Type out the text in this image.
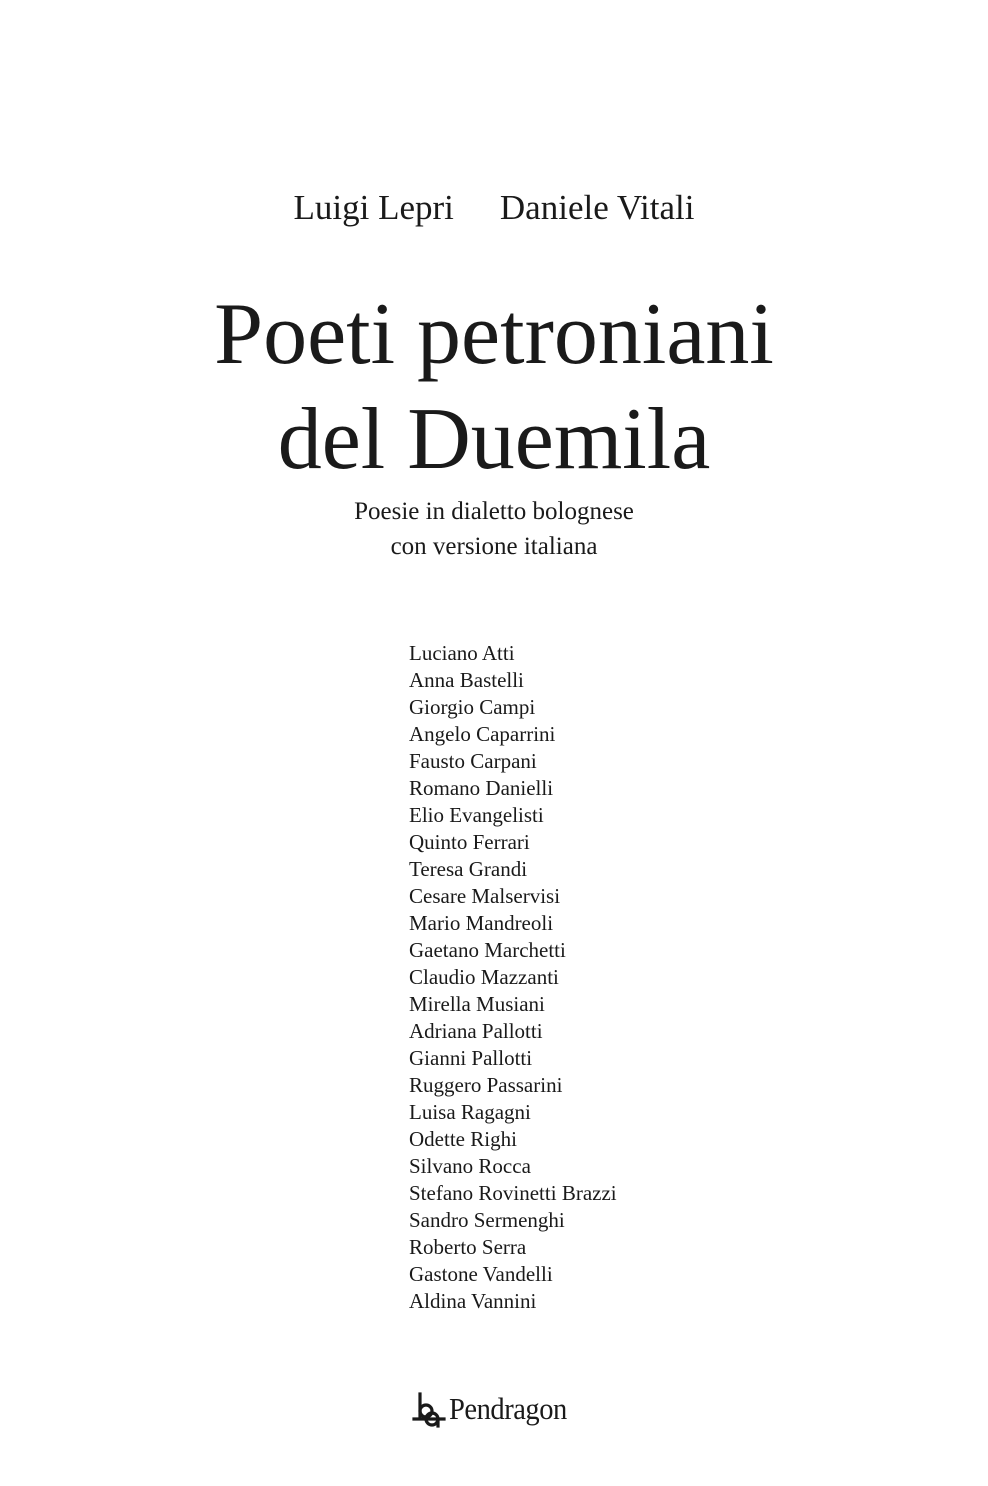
Luigi Lepri Daniele Vitali
Poeti petroniani
del Duemila
Poesie in dialetto bolognese
con versione italiana
Luciano Atti
Anna Bastelli
Giorgio Campi
Angelo Caparrini
Fausto Carpani
Romano Danielli
Elio Evangelisti
Quinto Ferrari
Teresa Grandi
Cesare Malservisi
Mario Mandreoli
Gaetano Marchetti
Claudio Mazzanti
Mirella Musiani
Adriana Pallotti
Gianni Pallotti
Ruggero Passarini
Luisa Ragagni
Odette Righi
Silvano Rocca
Stefano Rovinetti Brazzi
Sandro Sermenghi
Roberto Serra
Gastone Vandelli
Aldina Vannini
Pendragon
